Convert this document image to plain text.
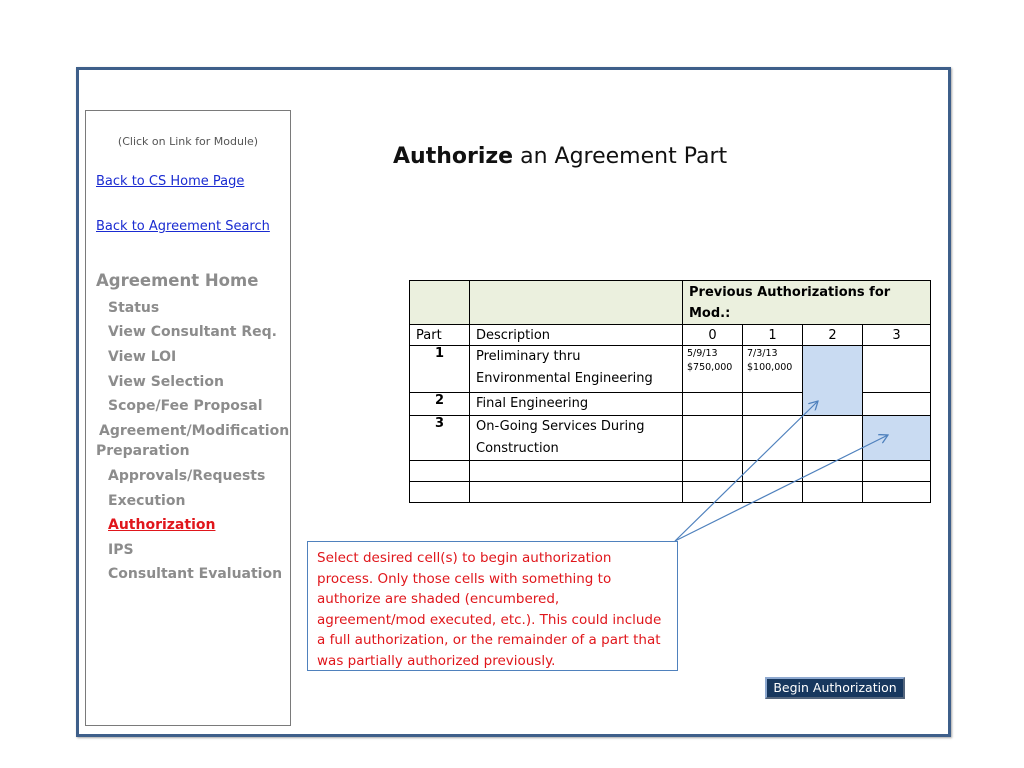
(Click on Link for Module)
Back to CS Home Page
Back to Agreement Search
Agreement Home
Status
View Consultant Req.
View LOI
View Selection
Scope/Fee Proposal
Agreement/Modification Preparation
Approvals/Requests
Execution
Authorization
IPS
Consultant Evaluation
Authorize an Agreement Part
		Previous Authorizations for Mod.:			
Part	Description	0	1	2	3
1	Preliminary thru Environmental Engineering	5/9/13 $750,000	7/3/13 $100,000		
2	Final Engineering				
3	On-Going Services During Construction				

Select desired cell(s) to begin authorization process. Only those cells with something to authorize are shaded (encumbered, agreement/mod executed, etc.). This could include a full authorization, or the remainder of a part that was partially authorized previously.
Begin Authorization
